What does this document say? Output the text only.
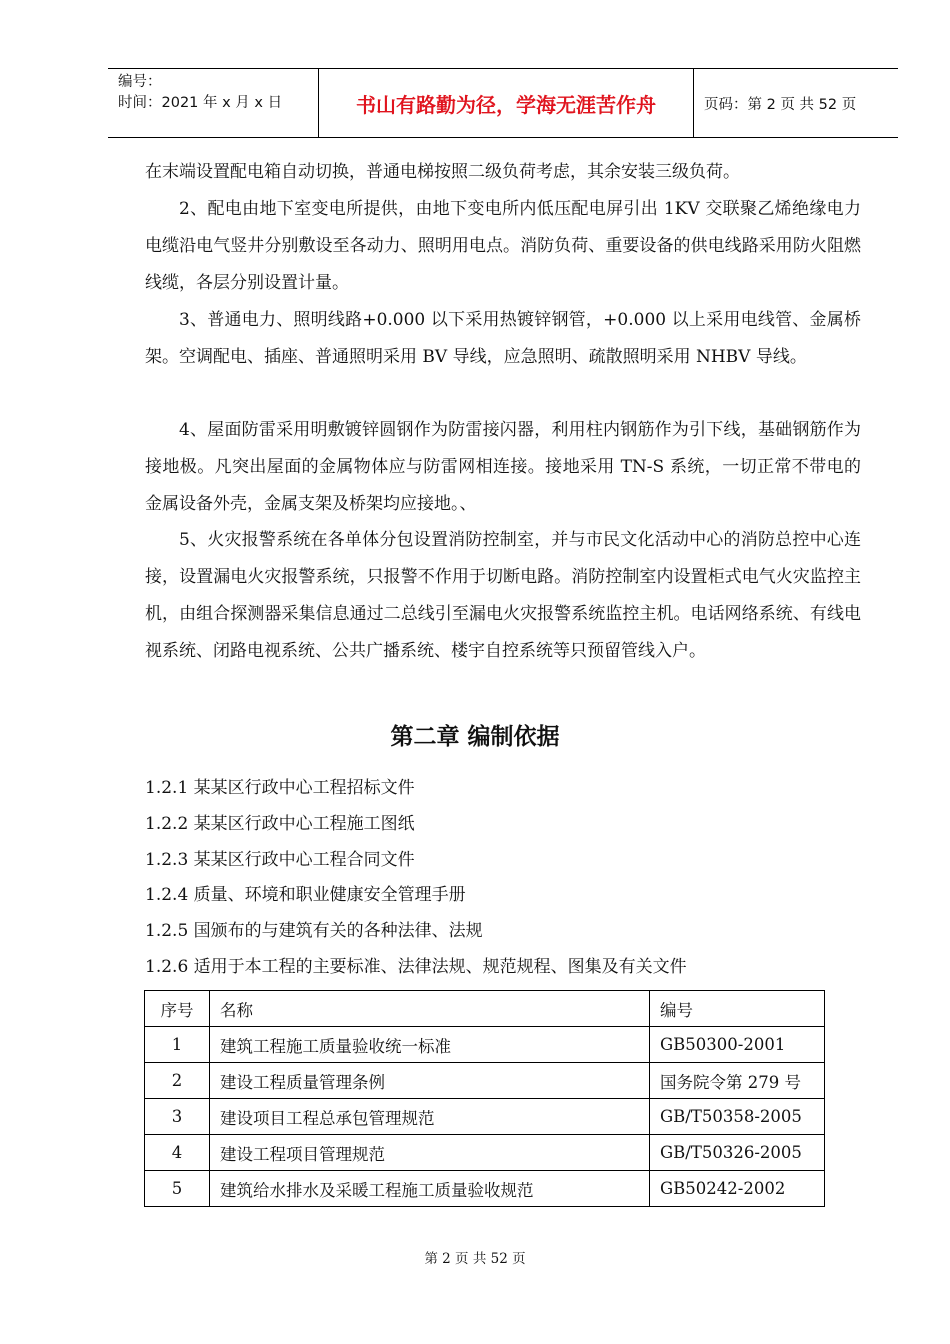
编号：
时间：2021 年 x 月 x 日	书山有路勤为径，学海无涯苦作舟	页码：第 2 页 共 52 页

在末端设置配电箱自动切换，普通电梯按照二级负荷考虑，其余安装三级负荷。

2、配电由地下室变电所提供，由地下变电所内低压配电屏引出 1KV 交联聚乙烯绝缘电力电缆沿电气竖井分别敷设至各动力、照明用电点。消防负荷、重要设备的供电线路采用防火阻燃线缆，各层分别设置计量。

3、普通电力、照明线路+0.000 以下采用热镀锌钢管，+0.000 以上采用电线管、金属桥架。空调配电、插座、普通照明采用 BV 导线，应急照明、疏散照明采用 NHBV 导线。

4、屋面防雷采用明敷镀锌圆钢作为防雷接闪器，利用柱内钢筋作为引下线，基础钢筋作为接地极。凡突出屋面的金属物体应与防雷网相连接。接地采用 TN-S 系统，一切正常不带电的金属设备外壳，金属支架及桥架均应接地。、

5、火灾报警系统在各单体分包设置消防控制室，并与市民文化活动中心的消防总控中心连接，设置漏电火灾报警系统，只报警不作用于切断电路。消防控制室内设置柜式电气火灾监控主机，由组合探测器采集信息通过二总线引至漏电火灾报警系统监控主机。电话网络系统、有线电视系统、闭路电视系统、公共广播系统、楼宇自控系统等只预留管线入户。

第二章 编制依据
1.2.1 某某区行政中心工程招标文件
1.2.2 某某区行政中心工程施工图纸
1.2.3 某某区行政中心工程合同文件
1.2.4 质量、环境和职业健康安全管理手册
1.2.5 国颁布的与建筑有关的各种法律、法规
1.2.6 适用于本工程的主要标准、法律法规、规范规程、图集及有关文件
序号	名称	编号
1	建筑工程施工质量验收统一标准	GB50300-2001
2	建设工程质量管理条例	国务院令第 279 号
3	建设项目工程总承包管理规范	GB/T50358-2005
4	建设工程项目管理规范	GB/T50326-2005
5	建筑给水排水及采暖工程施工质量验收规范	GB50242-2002
第 2 页 共 52 页
